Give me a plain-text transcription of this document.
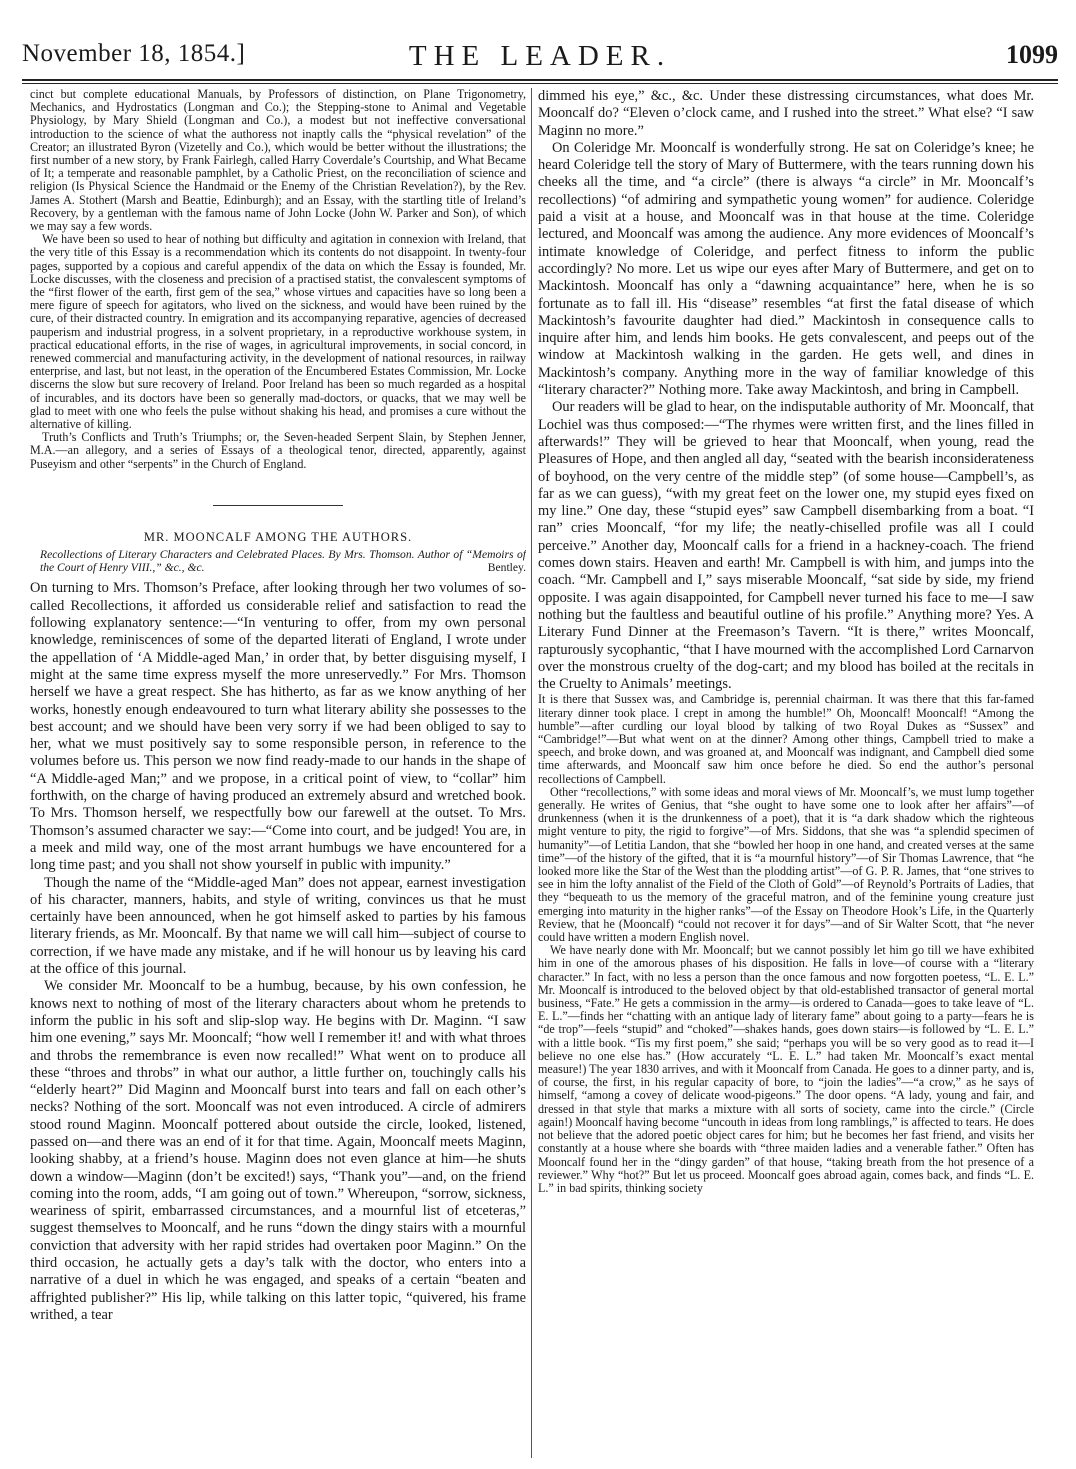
November 18, 1854.]	THE LEADER.	1099

cinct but complete educational Manuals, by Professors of distinction, on Plane Trigonometry, Mechanics, and Hydrostatics (Longman and Co.); the Stepping-stone to Animal and Vegetable Physiology, by Mary Shield (Longman and Co.), a modest but not ineffective conversational introduction to the science of what the authoress not inaptly calls the “physical revelation” of the Creator; an illustrated Byron (Vizetelly and Co.), which would be better without the illustrations; the first number of a new story, by Frank Fairlegh, called Harry Coverdale’s Courtship, and What Became of It; a temperate and reasonable pamphlet, by a Catholic Priest, on the reconciliation of science and religion (Is Physical Science the Handmaid or the Enemy of the Christian Revelation?), by the Rev. James A. Stothert (Marsh and Beattie, Edinburgh); and an Essay, with the startling title of Ireland’s Recovery, by a gentleman with the famous name of John Locke (John W. Parker and Son), of which we may say a few words.

We have been so used to hear of nothing but difficulty and agitation in connexion with Ireland, that the very title of this Essay is a recommendation which its contents do not disappoint. In twenty-four pages, supported by a copious and careful appendix of the data on which the Essay is founded, Mr. Locke discusses, with the closeness and precision of a practised statist, the convalescent symptoms of the “first flower of the earth, first gem of the sea,” whose virtues and capacities have so long been a mere figure of speech for agitators, who lived on the sickness, and would have been ruined by the cure, of their distracted country. In emigration and its accompanying reparative, agencies of decreased pauperism and industrial progress, in a solvent proprietary, in a reproductive workhouse system, in practical educational efforts, in the rise of wages, in agricultural improvements, in social concord, in renewed commercial and manufacturing activity, in the development of national resources, in railway enterprise, and last, but not least, in the operation of the Encumbered Estates Commission, Mr. Locke discerns the slow but sure recovery of Ireland. Poor Ireland has been so much regarded as a hospital of incurables, and its doctors have been so generally mad-doctors, or quacks, that we may well be glad to meet with one who feels the pulse without shaking his head, and promises a cure without the alternative of killing.

Truth’s Conflicts and Truth’s Triumphs; or, the Seven-headed Serpent Slain, by Stephen Jenner, M.A.—an allegory, and a series of Essays of a theological tenor, directed, apparently, against Puseyism and other “serpents” in the Church of England.

MR. MOONCALF AMONG THE AUTHORS.
Recollections of Literary Characters and Celebrated Places. By Mrs. Thomson. Author of “Memoirs of the Court of Henry VIII.,” &c., &c.	Bentley.

On turning to Mrs. Thomson’s Preface, after looking through her two volumes of so-called Recollections, it afforded us considerable relief and satisfaction to read the following explanatory sentence:—“In venturing to offer, from my own personal knowledge, reminiscences of some of the departed literati of England, I wrote under the appellation of ‘A Middle-aged Man,’ in order that, by better disguising myself, I might at the same time express myself the more unreservedly.” For Mrs. Thomson herself we have a great respect. She has hitherto, as far as we know anything of her works, honestly enough endeavoured to turn what literary ability she possesses to the best account; and we should have been very sorry if we had been obliged to say to her, what we must positively say to some responsible person, in reference to the volumes before us. This person we now find ready-made to our hands in the shape of “A Middle-aged Man;” and we propose, in a critical point of view, to “collar” him forthwith, on the charge of having produced an extremely absurd and wretched book. To Mrs. Thomson herself, we respectfully bow our farewell at the outset. To Mrs. Thomson’s assumed character we say:—“Come into court, and be judged! You are, in a meek and mild way, one of the most arrant humbugs we have encountered for a long time past; and you shall not show yourself in public with impunity.”

Though the name of the “Middle-aged Man” does not appear, earnest investigation of his character, manners, habits, and style of writing, convinces us that he must certainly have been announced, when he got himself asked to parties by his famous literary friends, as Mr. Mooncalf. By that name we will call him—subject of course to correction, if we have made any mistake, and if he will honour us by leaving his card at the office of this journal.

We consider Mr. Mooncalf to be a humbug, because, by his own confession, he knows next to nothing of most of the literary characters about whom he pretends to inform the public in his soft and slip-slop way. He begins with Dr. Maginn. “I saw him one evening,” says Mr. Mooncalf; “how well I remember it! and with what throes and throbs the remembrance is even now recalled!” What went on to produce all these “throes and throbs” in what our author, a little further on, touchingly calls his “elderly heart?” Did Maginn and Mooncalf burst into tears and fall on each other’s necks? Nothing of the sort. Mooncalf was not even introduced. A circle of admirers stood round Maginn. Mooncalf pottered about outside the circle, looked, listened, passed on—and there was an end of it for that time. Again, Mooncalf meets Maginn, looking shabby, at a friend’s house. Maginn does not even glance at him—he shuts down a window—Maginn (don’t be excited!) says, “Thank you”—and, on the friend coming into the room, adds, “I am going out of town.” Whereupon, “sorrow, sickness, weariness of spirit, embarrassed circumstances, and a mournful list of etceteras,” suggest themselves to Mooncalf, and he runs “down the dingy stairs with a mournful conviction that adversity with her rapid strides had overtaken poor Maginn.” On the third occasion, he actually gets a day’s talk with the doctor, who enters into a narrative of a duel in which he was engaged, and speaks of a certain “beaten and affrighted publisher?” His lip, while talking on this latter topic, “quivered, his frame writhed, a tear

dimmed his eye,” &c., &c. Under these distressing circumstances, what does Mr. Mooncalf do? “Eleven o’clock came, and I rushed into the street.” What else? “I saw Maginn no more.”

On Coleridge Mr. Mooncalf is wonderfully strong. He sat on Coleridge’s knee; he heard Coleridge tell the story of Mary of Buttermere, with the tears running down his cheeks all the time, and “a circle” (there is always “a circle” in Mr. Mooncalf’s recollections) “of admiring and sympathetic young women” for audience. Coleridge paid a visit at a house, and Mooncalf was in that house at the time. Coleridge lectured, and Mooncalf was among the audience. Any more evidences of Mooncalf’s intimate knowledge of Coleridge, and perfect fitness to inform the public accordingly? No more. Let us wipe our eyes after Mary of Buttermere, and get on to Mackintosh. Mooncalf has only a “dawning acquaintance” here, when he is so fortunate as to fall ill. His “disease” resembles “at first the fatal disease of which Mackintosh’s favourite daughter had died.” Mackintosh in consequence calls to inquire after him, and lends him books. He gets convalescent, and peeps out of the window at Mackintosh walking in the garden. He gets well, and dines in Mackintosh’s company. Anything more in the way of familiar knowledge of this “literary character?” Nothing more. Take away Mackintosh, and bring in Campbell.

Our readers will be glad to hear, on the indisputable authority of Mr. Mooncalf, that Lochiel was thus composed:—“The rhymes were written first, and the lines filled in afterwards!” They will be grieved to hear that Mooncalf, when young, read the Pleasures of Hope, and then angled all day, “seated with the bearish inconsiderateness of boyhood, on the very centre of the middle step” (of some house—Campbell’s, as far as we can guess), “with my great feet on the lower one, my stupid eyes fixed on my line.” One day, these “stupid eyes” saw Campbell disembarking from a boat. “I ran” cries Mooncalf, “for my life; the neatly-chiselled profile was all I could perceive.” Another day, Mooncalf calls for a friend in a hackney-coach. The friend comes down stairs. Heaven and earth! Mr. Campbell is with him, and jumps into the coach. “Mr. Campbell and I,” says miserable Mooncalf, “sat side by side, my friend opposite. I was again disappointed, for Campbell never turned his face to me—I saw nothing but the faultless and beautiful outline of his profile.” Anything more? Yes. A Literary Fund Dinner at the Freemason’s Tavern. “It is there,” writes Mooncalf, rapturously sycophantic, “that I have mourned with the accomplished Lord Carnarvon over the monstrous cruelty of the dog-cart; and my blood has boiled at the recitals in the Cruelty to Animals’ meetings.

It is there that Sussex was, and Cambridge is, perennial chairman. It was there that this far-famed literary dinner took place. I crept in among the humble!” Oh, Mooncalf! Mooncalf! “Among the humble”—after curdling our loyal blood by talking of two Royal Dukes as “Sussex” and “Cambridge!”—But what went on at the dinner? Among other things, Campbell tried to make a speech, and broke down, and was groaned at, and Mooncalf was indignant, and Campbell died some time afterwards, and Mooncalf saw him once before he died. So end the author’s personal recollections of Campbell.

Other “recollections,” with some ideas and moral views of Mr. Mooncalf’s, we must lump together generally. He writes of Genius, that “she ought to have some one to look after her affairs”—of drunkenness (when it is the drunkenness of a poet), that it is “a dark shadow which the righteous might venture to pity, the rigid to forgive”—of Mrs. Siddons, that she was “a splendid specimen of humanity”—of Letitia Landon, that she “bowled her hoop in one hand, and created verses at the same time”—of the history of the gifted, that it is “a mournful history”—of Sir Thomas Lawrence, that “he looked more like the Star of the West than the plodding artist”—of G. P. R. James, that “one strives to see in him the lofty annalist of the Field of the Cloth of Gold”—of Reynold’s Portraits of Ladies, that they “bequeath to us the memory of the graceful matron, and of the feminine young creature just emerging into maturity in the higher ranks”—of the Essay on Theodore Hook’s Life, in the Quarterly Review, that he (Mooncalf) “could not recover it for days”—and of Sir Walter Scott, that “he never could have written a modern English novel.

We have nearly done with Mr. Mooncalf; but we cannot possibly let him go till we have exhibited him in one of the amorous phases of his disposition. He falls in love—of course with a “literary character.” In fact, with no less a person than the once famous and now forgotten poetess, “L. E. L.” Mr. Mooncalf is introduced to the beloved object by that old-established transactor of general mortal business, “Fate.” He gets a commission in the army—is ordered to Canada—goes to take leave of “L. E. L.”—finds her “chatting with an antique lady of literary fame” about going to a party—fears he is “de trop”—feels “stupid” and “choked”—shakes hands, goes down stairs—is followed by “L. E. L.” with a little book. “Tis my first poem,” she said; “perhaps you will be so very good as to read it—I believe no one else has.” (How accurately “L. E. L.” had taken Mr. Mooncalf’s exact mental measure!) The year 1830 arrives, and with it Mooncalf from Canada. He goes to a dinner party, and is, of course, the first, in his regular capacity of bore, to “join the ladies”—“a crow,” as he says of himself, “among a covey of delicate wood-pigeons.” The door opens. “A lady, young and fair, and dressed in that style that marks a mixture with all sorts of society, came into the circle.” (Circle again!) Mooncalf having become “uncouth in ideas from long ramblings,” is affected to tears. He does not believe that the adored poetic object cares for him; but he becomes her fast friend, and visits her constantly at a house where she boards with “three maiden ladies and a venerable father.” Often has Mooncalf found her in the “dingy garden” of that house, “taking breath from the hot presence of a reviewer.” Why “hot?” But let us proceed. Mooncalf goes abroad again, comes back, and finds “L. E. L.” in bad spirits, thinking society
